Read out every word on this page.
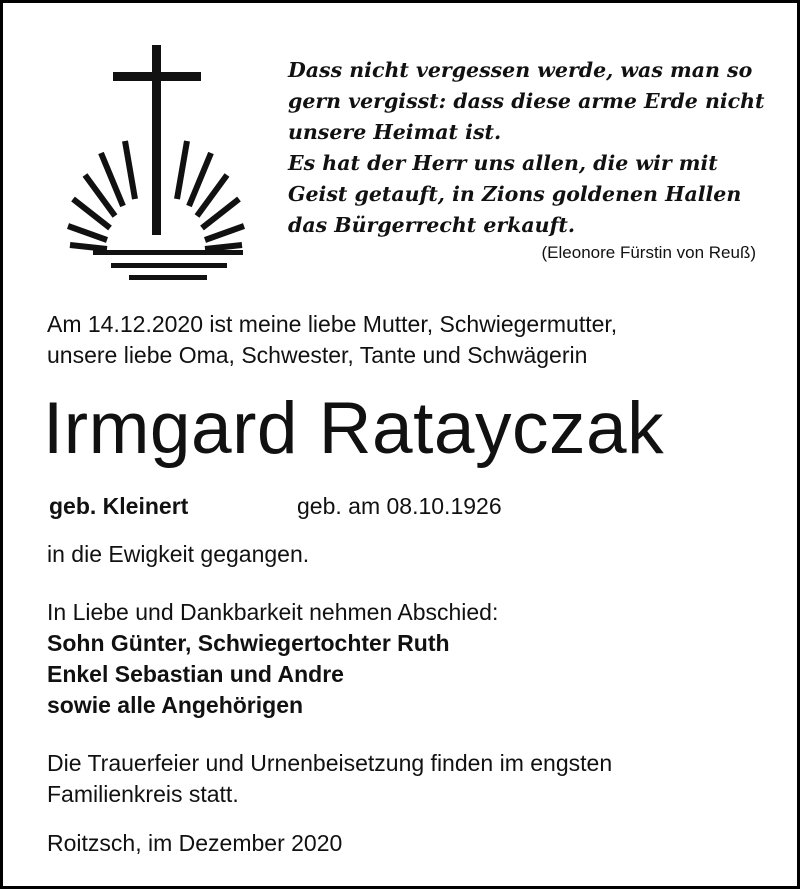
Dass nicht vergessen werde, was man so
gern vergisst: dass diese arme Erde nicht
unsere Heimat ist.
Es hat der Herr uns allen, die wir mit
Geist getauft, in Zions goldenen Hallen
das Bürgerrecht erkauft.
(Eleonore Fürstin von Reuß)
Am 14.12.2020 ist meine liebe Mutter, Schwiegermutter,
unsere liebe Oma, Schwester, Tante und Schwägerin
Irmgard Ratayczak
geb. Kleinert	geb. am 08.10.1926
in die Ewigkeit gegangen.
In Liebe und Dankbarkeit nehmen Abschied:
Sohn Günter, Schwiegertochter Ruth
Enkel Sebastian und Andre
sowie alle Angehörigen
Die Trauerfeier und Urnenbeisetzung finden im engsten
Familienkreis statt.
Roitzsch, im Dezember 2020
